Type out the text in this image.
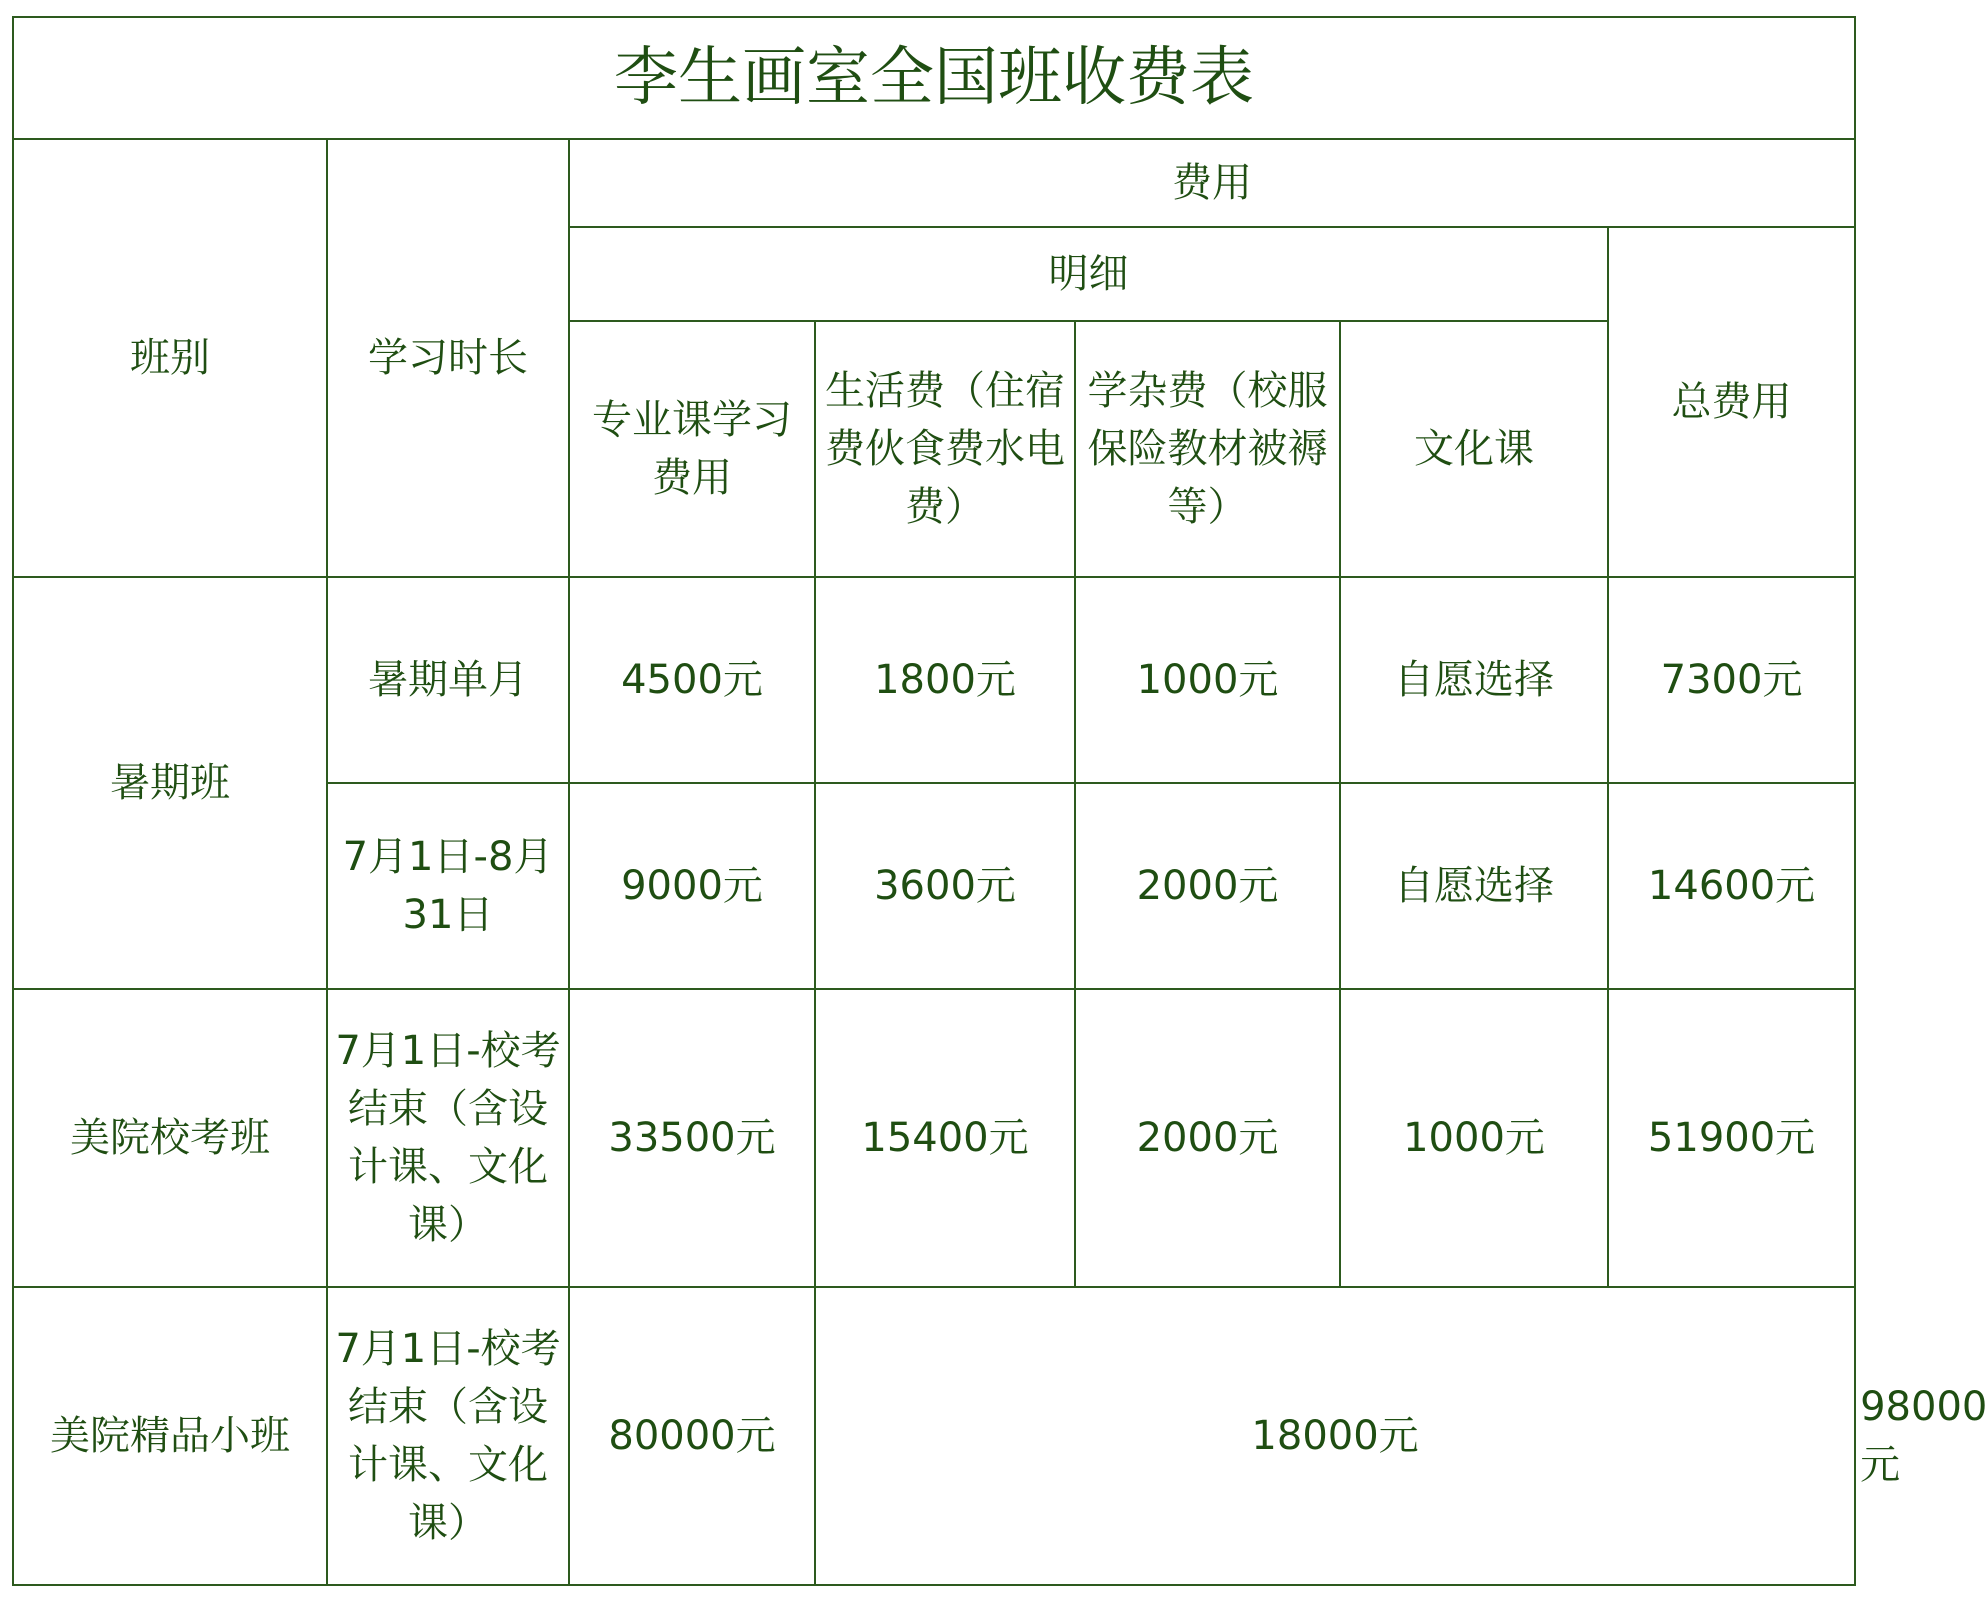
李生画室全国班收费表							
班别	学习时长	费用					
		明细				总费用	
		专业课学习费用	生活费（住宿费伙食费水电费）	学杂费（校服保险教材被褥等）	文化课		
暑期班	暑期单月	4500元	1800元	1000元	自愿选择	7300元	
	7月1日-8月31日	9000元	3600元	2000元	自愿选择	14600元	
美院校考班	7月1日-校考结束（含设计课、文化课）	33500元	15400元	2000元	1000元	51900元	
美院精品小班	7月1日-校考结束（含设计课、文化课）	80000元	18000元				98000元
